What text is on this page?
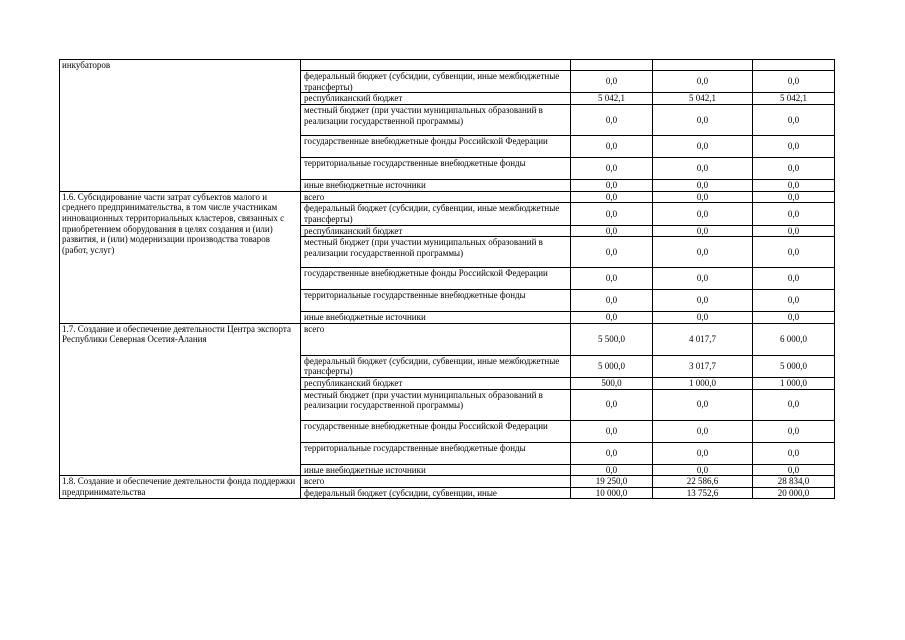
инкубаторов				
	федеральный бюджет (субсидии, субвенции, иные межбюджетные трансферты)	0,0	0,0	0,0
	республиканский бюджет	5 042,1	5 042,1	5 042,1
	местный бюджет (при участии муниципальных образований в реализации государственной программы)	0,0	0,0	0,0
	государственные внебюджетные фонды Российской Федерации	0,0	0,0	0,0
	территориальные государственные внебюджетные фонды	0,0	0,0	0,0
	иные внебюджетные источники	0,0	0,0	0,0
1.6. Субсидирование части затрат субъектов малого и среднего предпринимательства, в том числе участникам инновационных территориальных кластеров, связанных с приобретением оборудования в целях создания и (или) развития, и (или) модернизации производства товаров (работ, услуг)	всего	0,0	0,0	0,0
	федеральный бюджет (субсидии, субвенции, иные межбюджетные трансферты)	0,0	0,0	0,0
	республиканский бюджет	0,0	0,0	0,0
	местный бюджет (при участии муниципальных образований в реализации государственной программы)	0,0	0,0	0,0
	государственные внебюджетные фонды Российской Федерации	0,0	0,0	0,0
	территориальные государственные внебюджетные фонды	0,0	0,0	0,0
	иные внебюджетные источники	0,0	0,0	0,0
1.7. Создание и обеспечение деятельности Центра экспорта Республики Северная Осетия-Алания	всего	5 500,0	4 017,7	6 000,0
	федеральный бюджет (субсидии, субвенции, иные межбюджетные трансферты)	5 000,0	3 017,7	5 000,0
	республиканский бюджет	500,0	1 000,0	1 000,0
	местный бюджет (при участии муниципальных образований в реализации государственной программы)	0,0	0,0	0,0
	государственные внебюджетные фонды Российской Федерации	0,0	0,0	0,0
	территориальные государственные внебюджетные фонды	0,0	0,0	0,0
	иные внебюджетные источники	0,0	0,0	0,0
1.8. Создание и обеспечение деятельности фонда поддержки предпринимательства	всего	19 250,0	22 586,6	28 834,0
	федеральный бюджет (субсидии, субвенции, иные	10 000,0	13 752,6	20 000,0
